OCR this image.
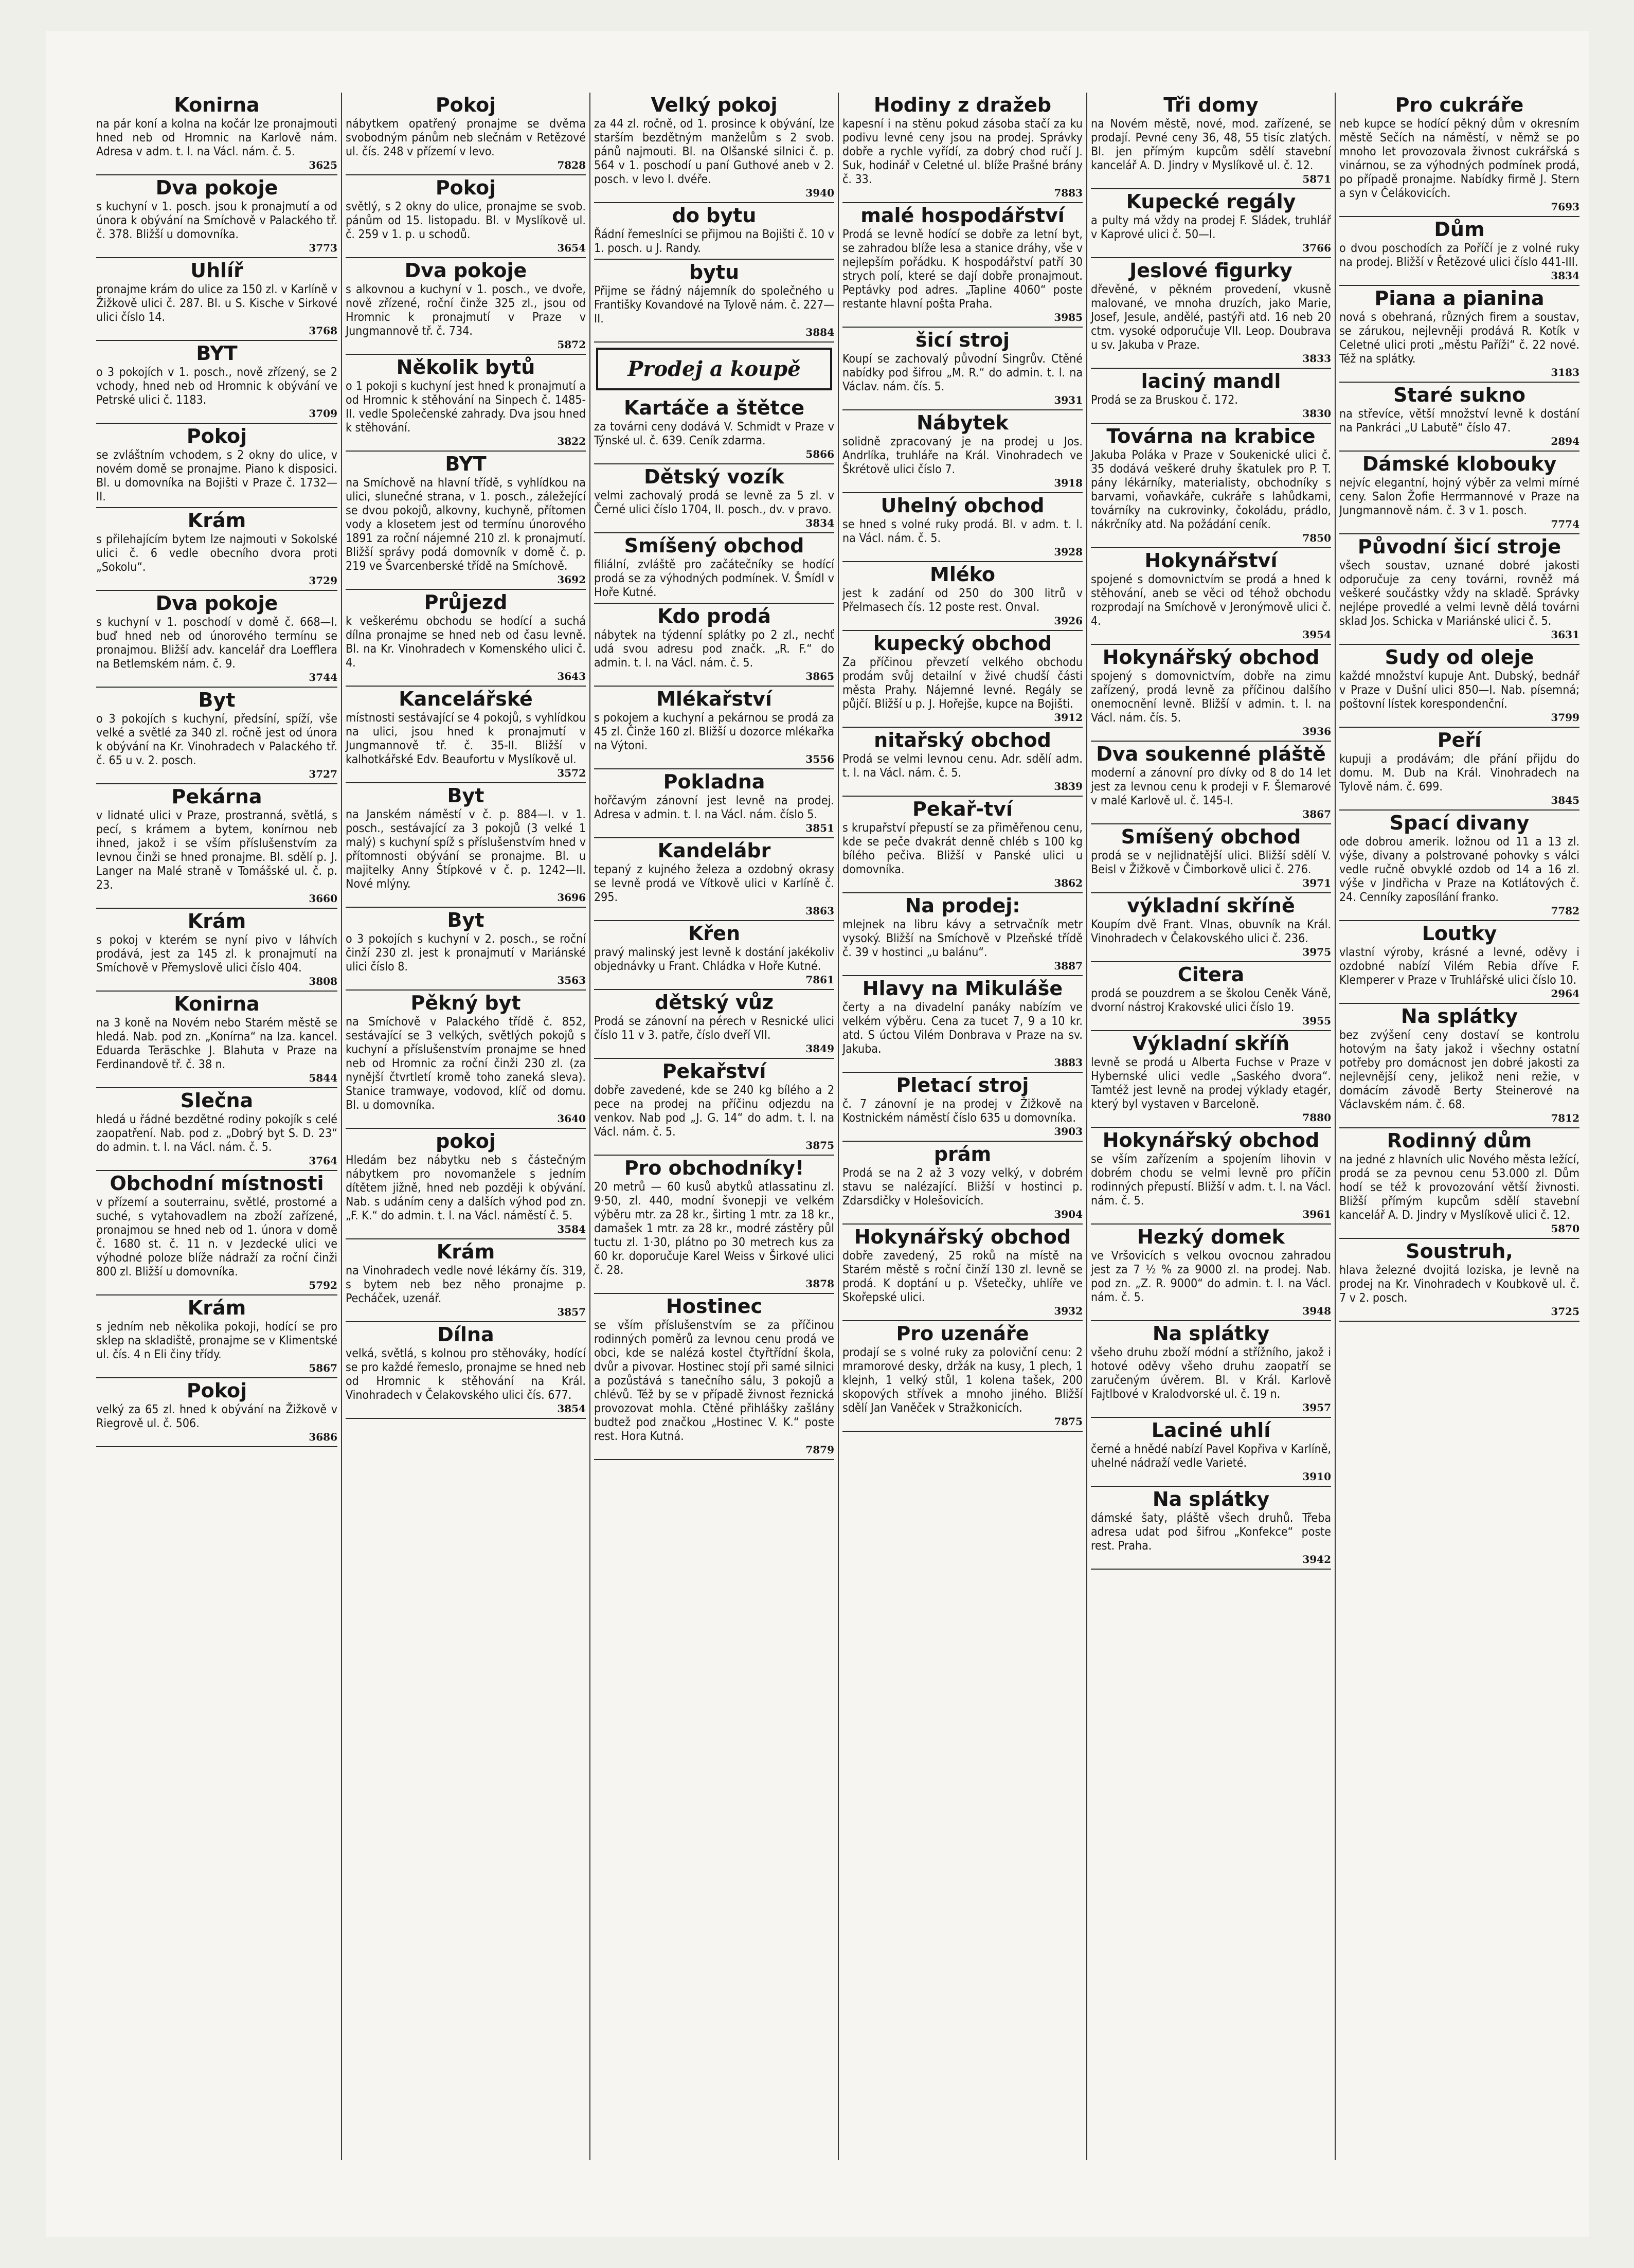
Konirna
na pár koní a kolna na kočár lze pronajmouti hned neb od Hromnic na Karlově nám. Adresa v adm. t. l. na Václ. nám. č. 5.
3625
Dva pokoje
s kuchyní v 1. posch. jsou k pronajmutí a od února k obývání na Smíchově v Palackého tř. č. 378. Bližší u domovníka.
3773
Uhlíř
pronajme krám do ulice za 150 zl. v Karlíně v Žižkově ulici č. 287. Bl. u S. Kische v Sirkové ulici číslo 14.
3768
BYT
o 3 pokojích v 1. posch., nově zřízený, se 2 vchody, hned neb od Hromnic k obývání ve Petrské ulici č. 1183.
3709
Pokoj
se zvláštním vchodem, s 2 okny do ulice, v novém domě se pronajme. Piano k disposici. Bl. u domovníka na Bojišti v Praze č. 1732—II.
Krám
s přilehajícím bytem lze najmouti v Sokolské ulici č. 6 vedle obecního dvora proti „Sokolu“.
3729
Dva pokoje
s kuchyní v 1. poschodí v domě č. 668—I. buď hned neb od únorového termínu se pronajmou. Bližší adv. kancelář dra Loefflera na Betlemském nám. č. 9.
3744
Byt
o 3 pokojích s kuchyní, předsíní, spíží, vše velké a světlé za 340 zl. ročně jest od února k obývání na Kr. Vinohradech v Palackého tř. č. 65 u v. 2. posch.
3727
Pekárna
v lidnaté ulici v Praze, prostranná, světlá, s pecí, s krámem a bytem, konírnou neb ihned, jakož i se vším příslušenstvím za levnou činži se hned pronajme. Bl. sdělí p. J. Langer na Malé straně v Tomášské ul. č. p. 23.
3660
Krám
s pokoj v kterém se nyní pivo v láhvích prodává, jest za 145 zl. k pronajmutí na Smíchově v Přemyslově ulici číslo 404.
3808
Konirna
na 3 koně na Novém nebo Starém městě se hledá. Nab. pod zn. „Konírna“ na Iza. kancel. Eduarda Teräschke J. Blahuta v Praze na Ferdinandově tř. č. 38 n.
5844
Slečna
hledá u řádné bezdětné rodiny pokojík s celé zaopatření. Nab. pod z. „Dobrý byt S. D. 23“ do admin. t. l. na Václ. nám. č. 5.
3764
Obchodní místnosti
v přízemí a souterrainu, světlé, prostorné a suché, s vytahovadlem na zboží zařízené, pronajmou se hned neb od 1. února v domě č. 1680 st. č. 11 n. v Jezdecké ulici ve výhodné poloze blíže nádraží za roční činži 800 zl. Bližší u domovníka.
5792
Krám
s jedním neb několika pokoji, hodící se pro sklep na skladiště, pronajme se v Klimentské ul. čís. 4 n Eli činy třídy.
5867
Pokoj
velký za 65 zl. hned k obývání na Žižkově v Riegrově ul. č. 506.
3686
Pokoj
nábytkem opatřený pronajme se dvěma svobodným pánům neb slečnám v Retězové ul. čís. 248 v přízemí v levo.
7828
Pokoj
světlý, s 2 okny do ulice, pronajme se svob. pánům od 15. listopadu. Bl. v Myslíkově ul. č. 259 v 1. p. u schodů.
3654
Dva pokoje
s alkovnou a kuchyní v 1. posch., ve dvoře, nově zřízené, roční činže 325 zl., jsou od Hromnic k pronajmutí v Praze v Jungmannově tř. č. 734.
5872
Několik bytů
o 1 pokoji s kuchyní jest hned k pronajmutí a od Hromnic k stěhování na Sinpech č. 1485-II. vedle Společenské zahrady. Dva jsou hned k stěhování.
3822
BYT
na Smíchově na hlavní třídě, s vyhlídkou na ulici, slunečné strana, v 1. posch., záležející se dvou pokojů, alkovny, kuchyně, přítomen vody a klosetem jest od termínu únorového 1891 za roční nájemné 210 zl. k pronajmutí. Bližší správy podá domovník v domě č. p. 219 ve Švarcenberské třídě na Smíchově.
3692
Průjezd
k veškerému obchodu se hodící a suchá dílna pronajme se hned neb od času levně. Bl. na Kr. Vinohradech v Komenského ulici č. 4.
3643
Kancelářské
místnosti sestávající se 4 pokojů, s vyhlídkou na ulici, jsou hned k pronajmutí v Jungmannově tř. č. 35-II. Bližší v kalhotkářské Edv. Beaufortu v Myslíkově ul.
3572
Byt
na Janském náměstí v č. p. 884—I. v 1. posch., sestávající za 3 pokojů (3 velké 1 malý) s kuchyní spíž s příslušenstvím hned v přítomnosti obývání se pronajme. Bl. u majitelky Anny Štípkové v č. p. 1242—II. Nové mlýny.
3696
Byt
o 3 pokojích s kuchyní v 2. posch., se roční činží 230 zl. jest k pronajmutí v Mariánské ulici číslo 8.
3563
Pěkný byt
na Smíchově v Palackého třídě č. 852, sestávající se 3 velkých, světlých pokojů s kuchyní a příslušenstvím pronajme se hned neb od Hromnic za roční činži 230 zl. (za nynější čtvrtletí kromě toho zaneká sleva). Stanice tramwaye, vodovod, klíč od domu. Bl. u domovníka.
3640
pokoj
Hledám bez nábytku neb s částečným nábytkem pro novomanžele s jedním dítětem jižně, hned neb později k obývání. Nab. s udáním ceny a dalších výhod pod zn. „F. K.“ do admin. t. l. na Václ. náměstí č. 5.
3584
Krám
na Vinohradech vedle nové lékárny čís. 319, s bytem neb bez něho pronajme p. Pecháček, uzenář.
3857
Dílna
velká, světlá, s kolnou pro stěhováky, hodící se pro každé řemeslo, pronajme se hned neb od Hromnic k stěhování na Král. Vinohradech v Čelakovského ulici čís. 677.
3854
Velký pokoj
za 44 zl. ročně, od 1. prosince k obývání, lze starším bezdětným manželům s 2 svob. pánů najmouti. Bl. na Olšanské silnici č. p. 564 v 1. poschodí u paní Guthové aneb v 2. posch. v levo I. dvéře.
3940
do bytu
Řádní řemeslníci se přijmou na Bojišti č. 10 v 1. posch. u J. Randy.
bytu
Přijme se řádný nájemník do společného u Františky Kovandové na Tylově nám. č. 227—II.
3884
Prodej a koupě
Kartáče a štětce
za továrni ceny dodává V. Schmidt v Praze v Týnské ul. č. 639. Ceník zdarma.
5866
Dětský vozík
velmi zachovalý prodá se levně za 5 zl. v Černé ulici číslo 1704, II. posch., dv. v pravo.
3834
Smíšený obchod
filiální, zvláště pro začátečníky se hodící prodá se za výhodných podmínek. V. Šmídl v Hoře Kutné.
Kdo prodá
nábytek na týdenní splátky po 2 zl., nechť udá svou adresu pod značk. „R. F.“ do admin. t. l. na Václ. nám. č. 5.
3865
Mlékařství
s pokojem a kuchyní a pekárnou se prodá za 45 zl. Činže 160 zl. Bližší u dozorce mlékařka na Výtoni.
3556
Pokladna
hořčavým zánovní jest levně na prodej. Adresa v admin. t. l. na Václ. nám. číslo 5.
3851
Kandelábr
tepaný z kujného železa a ozdobný okrasy se levně prodá ve Vítkově ulici v Karlíně č. 295.
3863
Křen
pravý malinský jest levně k dostání jakékoliv objednávky u Frant. Chládka v Hoře Kutné.
7861
dětský vůz
Prodá se zánovní na pérech v Resnické ulici číslo 11 v 3. patře, číslo dveří VII.
3849
Pekařství
dobře zavedené, kde se 240 kg bílého a 2 pece na prodej na příčinu odjezdu na venkov. Nab pod „J. G. 14“ do adm. t. l. na Václ. nám. č. 5.
3875
Pro obchodníky!
20 metrů — 60 kusů abytků atlassatinu zl. 9·50, zl. 440, modní švonepji ve velkém výběru mtr. za 28 kr., širting 1 mtr. za 18 kr., damašek 1 mtr. za 28 kr., modré zástěry půl tuctu zl. 1·30, plátno po 30 metrech kus za 60 kr. doporučuje Karel Weiss v Širkové ulici č. 28.
3878
Hostinec
se vším příslušenstvím se za příčinou rodinných poměrů za levnou cenu prodá ve obci, kde se nalézá kostel čtyřtřídní škola, dvůr a pivovar. Hostinec stojí při samé silnici a pozůstává s tanečního sálu, 3 pokojů a chlévů. Též by se v případě živnost řeznická provozovat mohla. Ctěné přihlášky zašlány budtež pod značkou „Hostinec V. K.“ poste rest. Hora Kutná.
7879
Hodiny z dražeb
kapesní i na stěnu pokud zásoba stačí za ku podivu levné ceny jsou na prodej. Správky dobře a rychle vyřídí, za dobrý chod ručí J. Suk, hodinář v Celetné ul. blíže Prašné brány č. 33.
7883
malé hospodářství
Prodá se levně hodící se dobře za letní byt, se zahradou blíže lesa a stanice dráhy, vše v nejlepším pořádku. K hospodářství patří 30 strych polí, které se dají dobře pronajmout. Peptávky pod adres. „Tapline 4060“ poste restante hlavní pošta Praha.
3985
šicí stroj
Koupí se zachovalý původní Singrův. Ctěné nabídky pod šifrou „M. R.“ do admin. t. l. na Václav. nám. čís. 5.
3931
Nábytek
solidně zpracovaný je na prodej u Jos. Andrlíka, truhláře na Král. Vinohradech ve Škrétově ulici číslo 7.
3918
Uhelný obchod
se hned s volné ruky prodá. Bl. v adm. t. l. na Václ. nám. č. 5.
3928
Mléko
jest k zadání od 250 do 300 litrů v Přelmasech čís. 12 poste rest. Onval.
3926
kupecký obchod
Za příčinou převzetí velkého obchodu prodám svůj detailní v živé chudší části města Prahy. Nájemné levné. Regály se půjčí. Bližší u p. J. Hořejše, kupce na Bojišti.
3912
nitařský obchod
Prodá se velmi levnou cenu. Adr. sdělí adm. t. l. na Václ. nám. č. 5.
3839
Pekař-tví
s krupařství přepustí se za přiměřenou cenu, kde se peče dvakrát denně chléb s 100 kg bílého pečiva. Bližší v Panské ulici u domovníka.
3862
Na prodej:
mlejnek na libru kávy a setrvačník metr vysoký. Bližší na Smíchově v Plzeňské třídě č. 39 v hostinci „u balánu“.
3887
Hlavy na Mikuláše
čerty a na divadelní panáky nabízím ve velkém výběru. Cena za tucet 7, 9 a 10 kr. atd. S úctou Vilém Donbrava v Praze na sv. Jakuba.
3883
Pletací stroj
č. 7 zánovní je na prodej v Žižkově na Kostnickém náměstí číslo 635 u domovníka.
3903
prám
Prodá se na 2 až 3 vozy velký, v dobrém stavu se nalézající. Bližší v hostinci p. Zdarsdičky v Holešovicích.
3904
Hokynářský obchod
dobře zavedený, 25 roků na místě na Starém městě s roční činží 130 zl. levně se prodá. K doptání u p. Všetečky, uhlíře ve Skořepské ulici.
3932
Pro uzenáře
prodají se s volné ruky za poloviční cenu: 2 mramorové desky, držák na kusy, 1 plech, 1 klejnh, 1 velký stůl, 1 kolena tašek, 200 skopových střívek a mnoho jiného. Bližší sdělí Jan Vaněček v Stražkonicích.
7875
Tři domy
na Novém městě, nové, mod. zařízené, se prodají. Pevné ceny 36, 48, 55 tisíc zlatých. Bl. jen přímým kupcům sdělí stavební kancelář A. D. Jindry v Myslíkově ul. č. 12.
5871
Kupecké regály
a pulty má vždy na prodej F. Sládek, truhlář v Kaprové ulici č. 50—I.
3766
Jeslové figurky
dřevěné, v pěkném provedení, vkusně malované, ve mnoha druzích, jako Marie, Josef, Jesule, andělé, pastýři atd. 16 neb 20 ctm. vysoké odporučuje VII. Leop. Doubrava u sv. Jakuba v Praze.
3833
laciný mandl
Prodá se za Bruskou č. 172.
3830
Továrna na krabice
Jakuba Poláka v Praze v Soukenické ulici č. 35 dodává veškeré druhy škatulek pro P. T. pány lékárníky, materialisty, obchodníky s barvami, voňavkáře, cukráře s lahůdkami, továrníky na cukrovinky, čokoládu, prádlo, nákrčníky atd. Na požádání ceník.
7850
Hokynářství
spojené s domovnictvím se prodá a hned k stěhování, aneb se věci od téhož obchodu rozprodají na Smíchově v Jeronýmově ulici č. 4.
3954
Hokynářský obchod
spojený s domovnictvím, dobře na zimu zařízený, prodá levně za příčinou dalšího onemocnění levně. Bližší v admin. t. l. na Václ. nám. čís. 5.
3936
Dva soukenné pláště
moderní a zánovní pro dívky od 8 do 14 let jest za levnou cenu k prodeji v F. Šlemarové v malé Karlově ul. č. 145-I.
3867
Smíšený obchod
prodá se v nejlidnatější ulici. Bližší sdělí V. Beisl v Žižkově v Čimborkově ulici č. 276.
3971
výkladní skříně
Koupím dvě Frant. Vlnas, obuvník na Král. Vinohradech v Čelakovského ulici č. 236.
3975
Citera
prodá se pouzdrem a se školou Ceněk Váně, dvorní nástroj Krakovské ulici číslo 19.
3955
Výkladní skříň
levně se prodá u Alberta Fuchse v Praze v Hybernské ulici vedle „Saského dvora“. Tamtéž jest levně na prodej výklady etagér, který byl vystaven v Barceloně.
7880
Hokynářský obchod
se vším zařízením a spojením lihovin v dobrém chodu se velmi levně pro příčin rodinných přepustí. Bližší v adm. t. l. na Václ. nám. č. 5.
3961
Hezký domek
ve Vršovicích s velkou ovocnou zahradou jest za 7 ½ % za 9000 zl. na prodej. Nab. pod zn. „Z. R. 9000“ do admin. t. l. na Václ. nám. č. 5.
3948
Na splátky
všeho druhu zboží módní a střížního, jakož i hotové oděvy všeho druhu zaopatří se zaručeným úvěrem. Bl. v Král. Karlově Fajtlbové v Kralodvorské ul. č. 19 n.
3957
Laciné uhlí
černé a hnědé nabízí Pavel Kopřiva v Karlíně, uhelné nádraží vedle Varieté.
3910
Na splátky
dámské šaty, pláště všech druhů. Třeba adresa udat pod šifrou „Konfekce“ poste rest. Praha.
3942
Pro cukráře
neb kupce se hodící pěkný dům v okresním městě Sečích na náměstí, v němž se po mnoho let provozovala živnost cukrářská s vinárnou, se za výhodných podmínek prodá, po případě pronajme. Nabídky firmě J. Stern a syn v Čelákovicích.
7693
Dům
o dvou poschodích za Poříčí je z volné ruky na prodej. Bližší v Řetězové ulici číslo 441-III.
3834
Piana a pianina
nová s obehraná, různých firem a soustav, se zárukou, nejlevněji prodává R. Kotík v Celetné ulici proti „městu Paříži“ č. 22 nové. Též na splátky.
3183
Staré sukno
na střevíce, větší množství levně k dostání na Pankráci „U Labutě“ číslo 47.
2894
Dámské klobouky
nejvíc elegantní, hojný výběr za velmi mírné ceny. Salon Žofie Herrmannové v Praze na Jungmannově nám. č. 3 v 1. posch.
7774
Původní šicí stroje
všech soustav, uznané dobré jakosti odporučuje za ceny továrni, rovněž má veškeré součástky vždy na skladě. Správky nejlépe provedlé a velmi levně dělá továrni sklad Jos. Schicka v Mariánské ulici č. 5.
3631
Sudy od oleje
každé množství kupuje Ant. Dubský, bednář v Praze v Dušní ulici 850—I. Nab. písemná; poštovní lístek korespondenční.
3799
Peří
kupuji a prodávám; dle přání přijdu do domu. M. Dub na Král. Vinohradech na Tylově nám. č. 699.
3845
Spací divany
ode dobrou amerik. ložnou od 11 a 13 zl. výše, divany a polstrované pohovky s válci vedle ručně obvyklé ozdob od 14 a 16 zl. výše v Jindřicha v Praze na Kotlátových č. 24. Cenníky zaposílání franko.
7782
Loutky
vlastní výroby, krásné a levné, oděvy i ozdobné nabízí Vilém Rebia dříve F. Klemperer v Praze v Truhlářské ulici číslo 10.
2964
Na splátky
bez zvýšení ceny dostaví se kontrolu hotovým na šaty jakož i všechny ostatní potřeby pro domácnost jen dobré jakosti za nejlevnější ceny, jelikož neni režie, v domácím závodě Berty Steinerové na Václavském nám. č. 68.
7812
Rodinný dům
na jedné z hlavních ulic Nového města ležící, prodá se za pevnou cenu 53.000 zl. Dům hodí se též k provozování větší živnosti. Bližší přímým kupcům sdělí stavební kancelář A. D. Jindry v Myslíkově ulici č. 12.
5870
Soustruh,
hlava železné dvojitá loziska, je levně na prodej na Kr. Vinohradech v Koubkově ul. č. 7 v 2. posch.
3725
